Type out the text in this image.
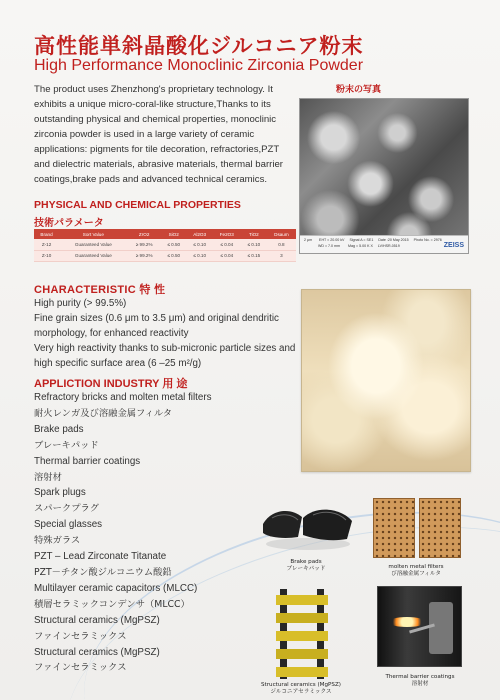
高性能単斜晶酸化ジルコニア粉末
High Performance Monoclinic Zirconia Powder

The product uses Zhenzhong's proprietary technology. It exhibits a unique micro-coral-like structure,Thanks to its outstanding physical and chemical properties, monoclinic zirconia powder is used in a large variety of ceramic applications: pigments for tile decoration, refractories,PZT and dielectric materials, abrasive materials, thermal barrier coatings,brake pads and advanced technical ceramics.

PHYSICAL AND CHEMICAL PROPERTIES
技術パラメータ
Brand	Sort Value	ZrO2	SiO2	Al2O3	Fe2O3	TiO2	Dsaum
Z-12	Guaranteed Value	≥ 99.2%	≤ 0.50	≤ 0.10	≤ 0.04	≤ 0.10	0.8
Z-10	Guaranteed Value	≥ 99.2%	≤ 0.50	≤ 0.10	≤ 0.04	≤ 0.15	3
CHARACTERISTIC 特 性
High purity (> 99.5%)
Fine grain sizes (0.6 μm to 3.5 μm) and original dendritic morphology, for enhanced reactivity
Very high reactivity thanks to sub-micronic particle sizes and high specific surface area (6 –25 m²/g)
APPLICTION INDUSTRY 用 途
Refractory bricks and molten metal filters
耐火レンガ及び溶融金属フィルタ
Brake pads
ブレーキパッド
Thermal barrier coatings
溶射材
Spark plugs
スパークプラグ
Special glasses
特殊ガラス
PZT – Lead Zirconate Titanate
PZT－チタン酸ジルコニウム酸鉛
Multilayer ceramic capacitors (MLCC)
積層セラミックコンデンサ（MLCC）
Structural ceramics (MgPSZ)
ファインセラミックス
Structural ceramics (MgPSZ)
ファインセラミックス
粉末の写真
2 μm       EHT = 20.00 kV     Signal A = SE1     Date :20 May 2015     Photo No. = 2976
WD = 7.0 mm        Mag = 5.00 K X     LV/HSR-0519	ZEISS
Brake pads
ブレーキパッド	molten metal filters
び溶融金属フィルタ
Structural ceramics (MgPSZ)
ジルコニアセラミックス
Thermal barrier coatings
溶射材
